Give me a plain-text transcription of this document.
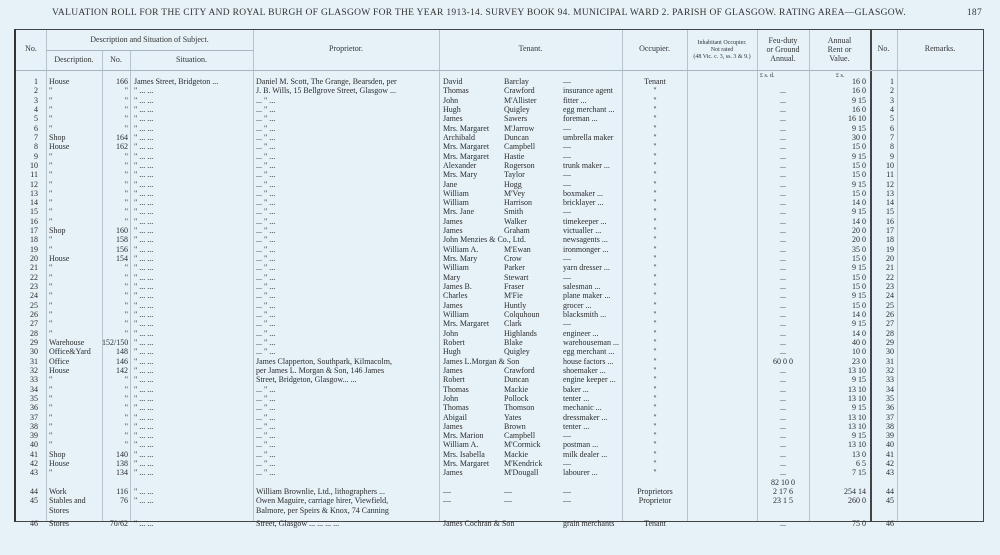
VALUATION ROLL FOR THE CITY AND ROYAL BURGH OF GLASGOW FOR THE YEAR 1913-14. SURVEY BOOK 94. MUNICIPAL WARD 2. PARISH OF GLASGOW. RATING AREA—GLASGOW.	187
No.
Description and Situation of Subject.
Description.	No.	Situation.
Proprietor.	Tenant.	Occupier.
Inhabitant Occupier.
Not rated
(48 Vic. c. 3, ss. 3 & 9.)
Feu-duty
or Ground
Annual.
Annual
Rent or
Value.
No.	Remarks.
£ s. d.	£ s.
1 House	166 James Street, Bridgeton ...	Daniel M. Scott, The Grange, Bearsden, per	David	Barclay	—	Tenant	16 0	1
2 "	" " ... ...	J. B. Wills, 15 Bellgrove Street, Glasgow ...	Thomas	Crawford	insurance agent	"	...	16 0	2
3 "	" " ... ...	... " ...	John	M'Allister	fitter ...	"	...	9 15	3
4 "	" " ... ...	... " ...	Hugh	Quigley	egg merchant ...	"	...	16 0	4
5 "	" " ... ...	... " ...	James	Sawers	foreman ...	"	...	16 10	5
6 "	" " ... ...	... " ...	Mrs. Margaret	M'Jarrow	—	"	...	9 15	6
7 Shop	164 " ... ...	... " ...	Archibald	Duncan	umbrella maker	"	...	30 0	7
8 House	162 " ... ...	... " ...	Mrs. Margaret	Campbell	—	"	...	15 0	8
9 "	" " ... ...	... " ...	Mrs. Margaret	Hastie	—	"	...	9 15	9
10 "	" " ... ...	... " ...	Alexander	Rogerson	trunk maker ...	"	...	15 0	10
11 "	" " ... ...	... " ...	Mrs. Mary	Taylor	—	"	...	15 0	11
12 "	" " ... ...	... " ...	Jane	Hogg	—	"	...	9 15	12
13 "	" " ... ...	... " ...	William	M'Vey	boxmaker ...	"	...	15 0	13
14 "	" " ... ...	... " ...	William	Harrison	bricklayer ...	"	...	14 0	14
15 "	" " ... ...	... " ...	Mrs. Jane	Smith	—	"	...	9 15	15
16 "	" " ... ...	... " ...	James	Walker	timekeeper ...	"	...	14 0	16
17 Shop	160 " ... ...	... " ...	James	Graham	victualler ...	"	...	20 0	17
18 "	158 " ... ...	... " ...	John Menzies & Co., Ltd.	newsagents ...	"	...	20 0	18
19 "	156 " ... ...	... " ...	William A.	M'Ewan	ironmonger ...	"	...	35 0	19
20 House	154 " ... ...	... " ...	Mrs. Mary	Crow	—	"	...	15 0	20
21 "	" " ... ...	... " ...	William	Parker	yarn dresser ...	"	...	9 15	21
22 "	" " ... ...	... " ...	Mary	Stewart	—	"	...	15 0	22
23 "	" " ... ...	... " ...	James B.	Fraser	salesman ...	"	...	15 0	23
24 "	" " ... ...	... " ...	Charles	M'Fie	plane maker ...	"	...	9 15	24
25 "	" " ... ...	... " ...	James	Huntly	grocer ...	"	...	15 0	25
26 "	" " ... ...	... " ...	William	Colquhoun	blacksmith ...	"	...	14 0	26
27 "	" " ... ...	... " ...	Mrs. Margaret	Clark	—	"	...	9 15	27
28 "	" " ... ...	... " ...	John	Highlands	engineer ...	"	...	14 0	28
29 Warehouse	152/150 " ... ...	... " ...	Robert	Blake	warehouseman ...	"	...	40 0	29
30 Office&Yard	148 " ... ...	... " ...	Hugh	Quigley	egg merchant ...	"	...	10 0	30
31 Office	146 " ... ...	James Clapperton, Southpark, Kilmacolm,	James L.Morgan & Son	house factors ...	"	60 0 0	23 0	31
32 House	142 " ... ...	per James L. Morgan & Son, 146 James	James	Crawford	shoemaker ...	"	...	13 10	32
33 "	" " ... ...	Street, Bridgeton, Glasgow... ...	Robert	Duncan	engine keeper ...	"	...	9 15	33
34 "	" " ... ...	... " ...	Thomas	Mackie	baker ...	"	...	13 10	34
35 "	" " ... ...	... " ...	John	Pollock	tenter ...	"	...	13 10	35
36 "	" " ... ...	... " ...	Thomas	Thomson	mechanic ...	"	...	9 15	36
37 "	" " ... ...	... " ...	Abigail	Yates	dressmaker ...	"	...	13 10	37
38 "	" " ... ...	... " ...	James	Brown	tenter ...	"	...	13 10	38
39 "	" " ... ...	... " ...	Mrs. Marion	Campbell	—	"	...	9 15	39
40 "	" " ... ...	... " ...	William A.	M'Cormick	postman ...	"	...	13 10	40
41 Shop	140 " ... ...	... " ...	Mrs. Isabella	Mackie	milk dealer ...	"	...	13 0	41
42 House	138 " ... ...	... " ...	Mrs. Margaret	M'Kendrick	—	"	...	6 5	42
43 "	134 " ... ...	... " ...	James	M'Dougall	labourer ...	"	...	7 15	43
82 10 0
44 Work	116 " ... ...	William Brownlie, Ltd., lithographers ...	—	—	—	Proprietors	2 17 6	254 14	44
45 Stables and	76 " ... ...	Owen Maguire, carriage hirer, Viewfield,	—	—	—	Proprietor	23 1 5	260 0	45
Stores	Balmore, per Speirs & Knox, 74 Canning
46 Stores	70/62 " ... ...	Street, Glasgow ... ... ... ...	James Cochran & Son	grain merchants	Tenant	...	75 0	46
